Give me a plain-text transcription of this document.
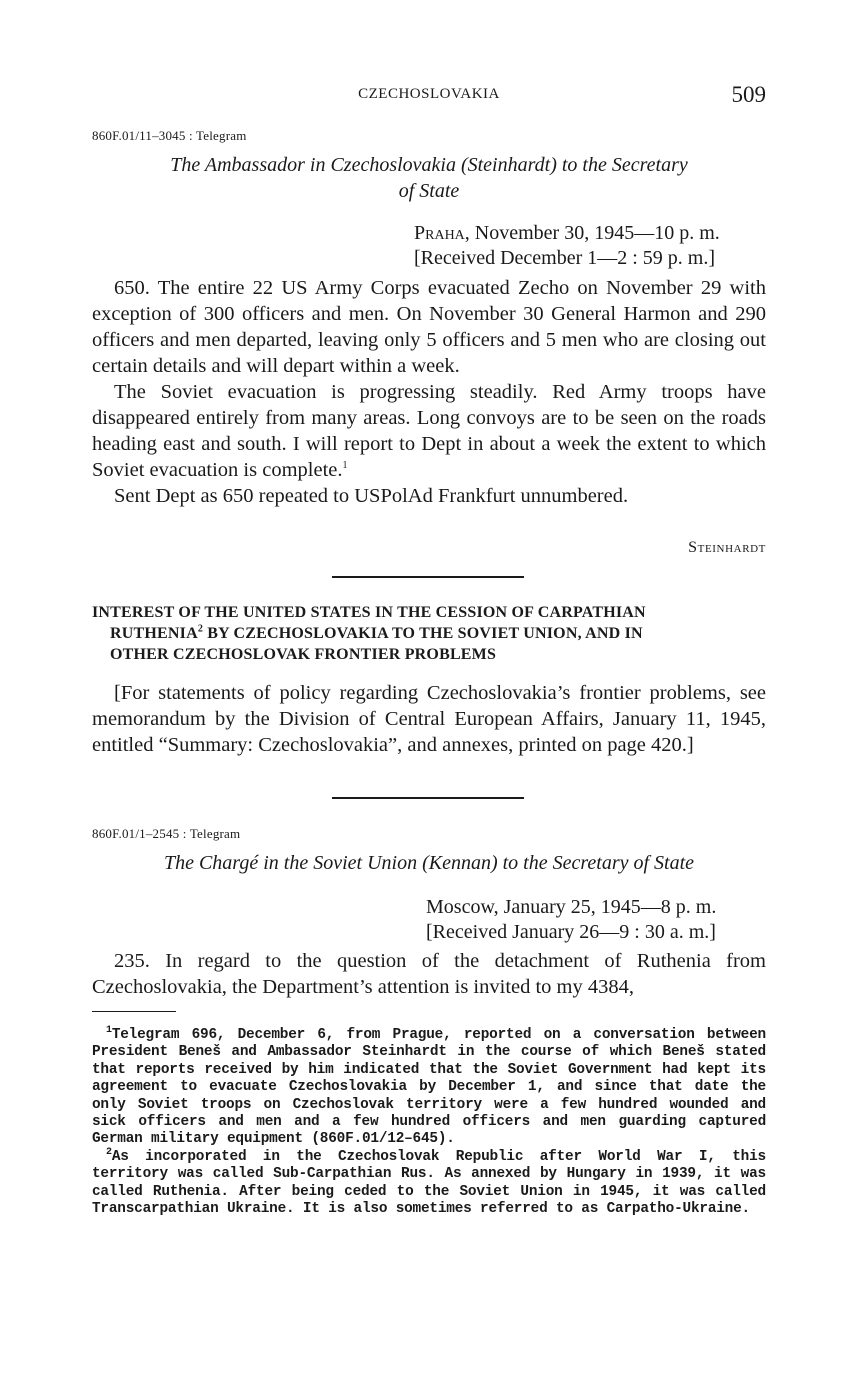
CZECHOSLOVAKIA	509
860F.01/11–3045 : Telegram
The Ambassador in Czechoslovakia (Steinhardt) to the Secretary
of State
Praha, November 30, 1945—10 p. m.
[Received December 1—2 : 59 p. m.]

650. The entire 22 US Army Corps evacuated Zecho on November 29 with exception of 300 officers and men. On November 30 General Harmon and 290 officers and men departed, leaving only 5 officers and 5 men who are closing out certain details and will depart within a week.

The Soviet evacuation is progressing steadily. Red Army troops have disappeared entirely from many areas. Long convoys are to be seen on the roads heading east and south. I will report to Dept in about a week the extent to which Soviet evacuation is complete.$^1$

Sent Dept as 650 repeated to USPolAd Frankfurt unnumbered.

Steinhardt
INTEREST OF THE UNITED STATES IN THE CESSION OF CARPATHIAN
RUTHENIA$^2$ BY CZECHOSLOVAKIA TO THE SOVIET UNION, AND IN
OTHER CZECHOSLOVAK FRONTIER PROBLEMS

[For statements of policy regarding Czechoslovakia’s frontier problems, see memorandum by the Division of Central European Affairs, January 11, 1945, entitled “Summary: Czechoslovakia”, and annexes, printed on page 420.]

860F.01/1–2545 : Telegram
The Chargé in the Soviet Union (Kennan) to the Secretary of State
Moscow, January 25, 1945—8 p. m.
[Received January 26—9 : 30 a. m.]

235. In regard to the question of the detachment of Ruthenia from Czechoslovakia, the Department’s attention is invited to my 4384,

$^1$Telegram 696, December 6, from Prague, reported on a conversation between President Beneš and Ambassador Steinhardt in the course of which Beneš stated that reports received by him indicated that the Soviet Government had kept its agreement to evacuate Czechoslovakia by December 1, and since that date the only Soviet troops on Czechoslovak territory were a few hundred wounded and sick officers and men and a few hundred officers and men guarding captured German military equipment (860F.01/12–645).

$^2$As incorporated in the Czechoslovak Republic after World War I, this territory was called Sub-Carpathian Rus. As annexed by Hungary in 1939, it was called Ruthenia. After being ceded to the Soviet Union in 1945, it was called Transcarpathian Ukraine. It is also sometimes referred to as Carpatho-Ukraine.
